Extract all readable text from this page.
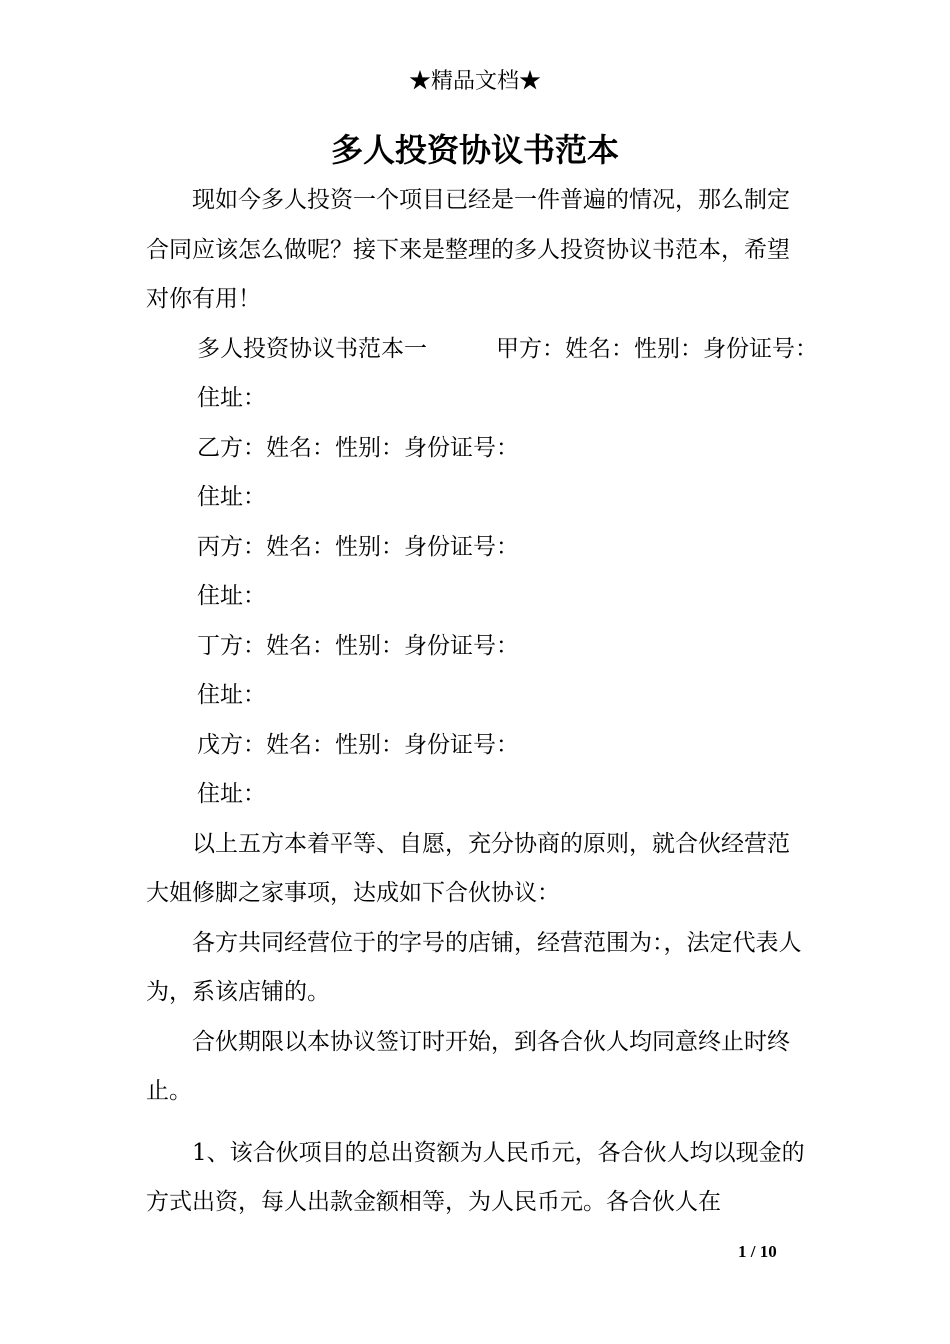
★精品文档★
多人投资协议书范本

现如今多人投资一个项目已经是一件普遍的情况，那么制定合同应该怎么做呢？接下来是整理的多人投资协议书范本，希望对你有用！

多人投资协议书范本一　　　甲方：姓名：性别：身份证号：
住址：
乙方：姓名：性别：身份证号：
住址：
丙方：姓名：性别：身份证号：
住址：
丁方：姓名：性别：身份证号：
住址：
戊方：姓名：性别：身份证号：
住址：

以上五方本着平等、自愿，充分协商的原则，就合伙经营范大姐修脚之家事项，达成如下合伙协议：

各方共同经营位于的字号的店铺，经营范围为：，法定代表人为，系该店铺的。

合伙期限以本协议签订时开始，到各合伙人均同意终止时终止。

1、该合伙项目的总出资额为人民币元，各合伙人均以现金的方式出资，每人出款金额相等，为人民币元。各合伙人在

1 / 10
